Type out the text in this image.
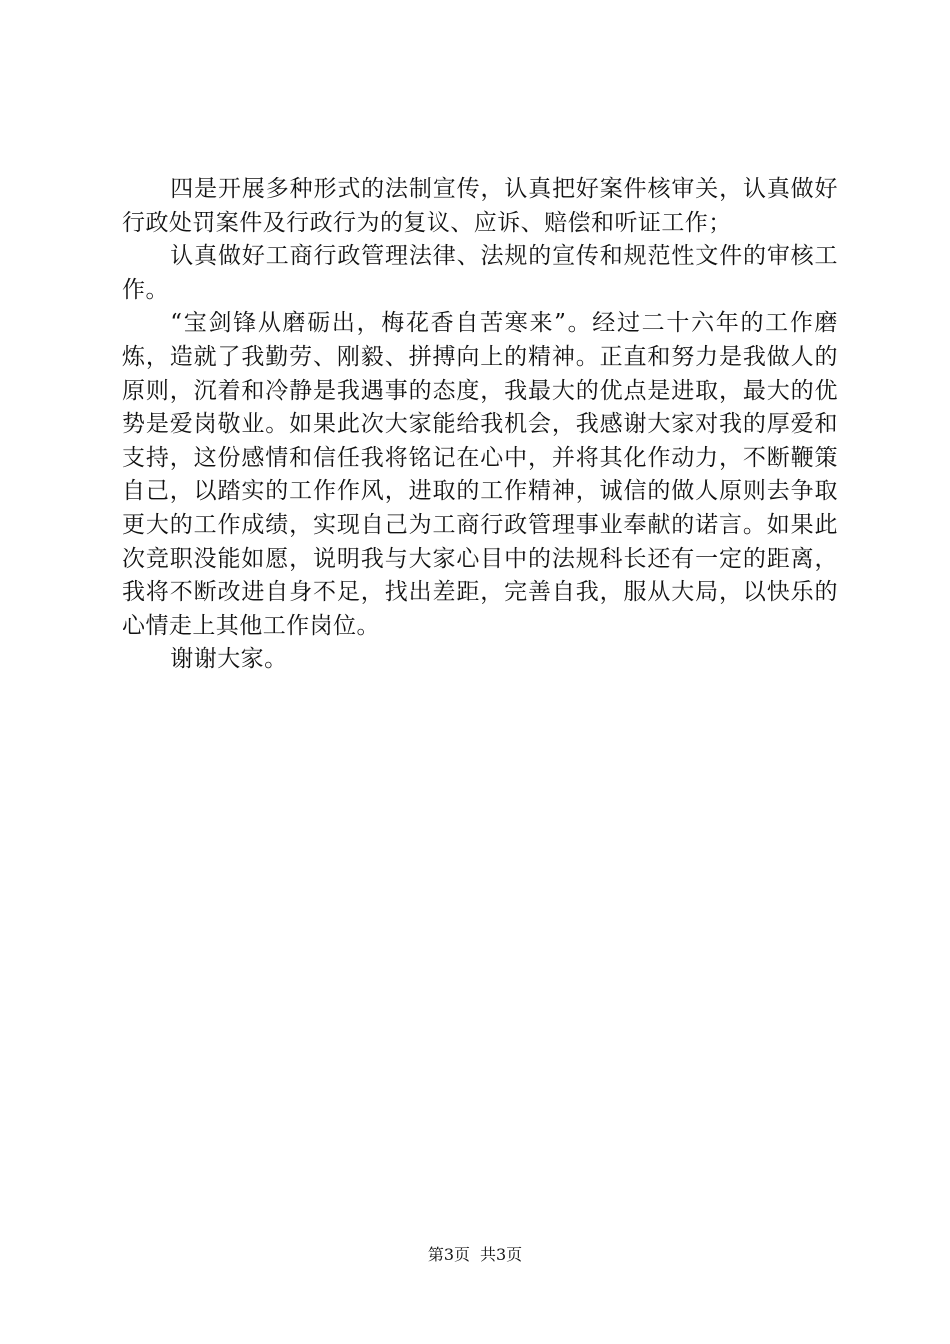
四是开展多种形式的法制宣传，认真把好案件核审关，认真做好行政处罚案件及行政行为的复议、应诉、赔偿和听证工作；

认真做好工商行政管理法律、法规的宣传和规范性文件的审核工作。

“宝剑锋从磨砺出，梅花香自苦寒来”。经过二十六年的工作磨炼，造就了我勤劳、刚毅、拼搏向上的精神。正直和努力是我做人的原则，沉着和冷静是我遇事的态度，我最大的优点是进取，最大的优势是爱岗敬业。如果此次大家能给我机会，我感谢大家对我的厚爱和支持，这份感情和信任我将铭记在心中，并将其化作动力，不断鞭策自己，以踏实的工作作风，进取的工作精神，诚信的做人原则去争取更大的工作成绩，实现自己为工商行政管理事业奉献的诺言。如果此次竞职没能如愿，说明我与大家心目中的法规科长还有一定的距离，我将不断改进自身不足，找出差距，完善自我，服从大局，以快乐的心情走上其他工作岗位。

谢谢大家。

第3页 共3页
